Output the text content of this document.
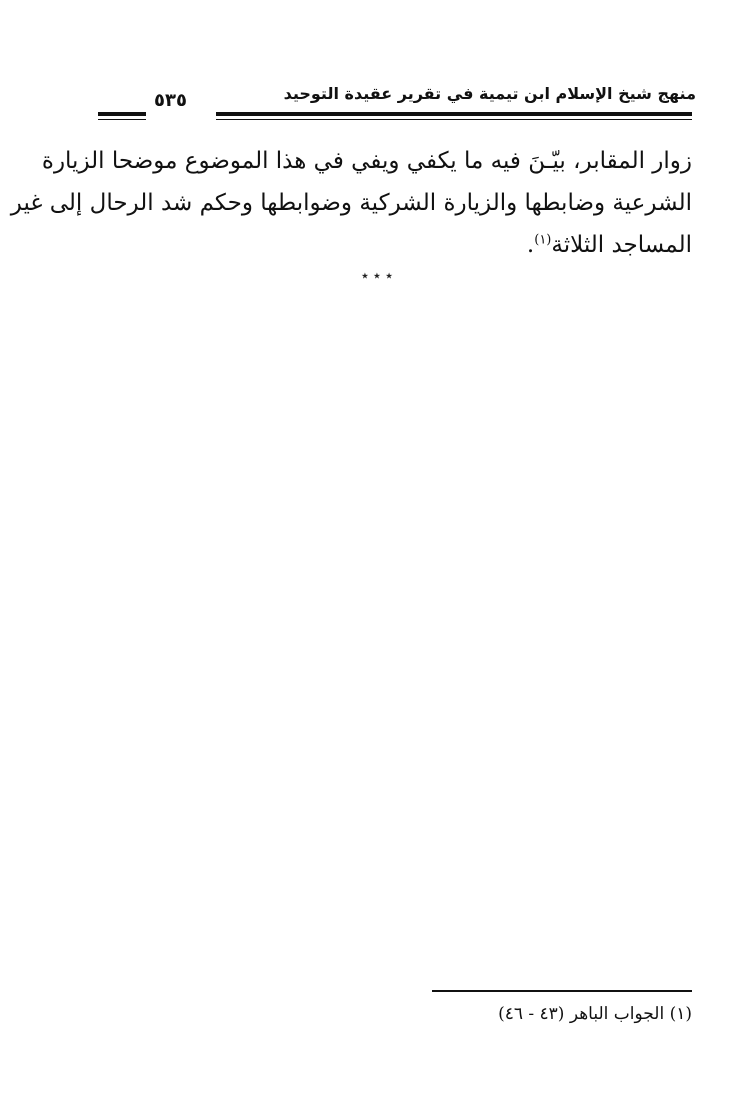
منهج شيخ الإسلام ابن تيمية في تقرير عقيدة التوحيد
٥٣٥
زوار المقابر، بيّـنَ فيه ما يكفي ويفي في هذا الموضوع موضحا الزيارة
الشرعية وضابطها والزيارة الشركية وضوابطها وحكم شد الرحال إلى غير
المساجد الثلاثة$^{(١)}$.
٭ ٭ ٭
(١) الجواب الباهر (٤٣ - ٤٦)
